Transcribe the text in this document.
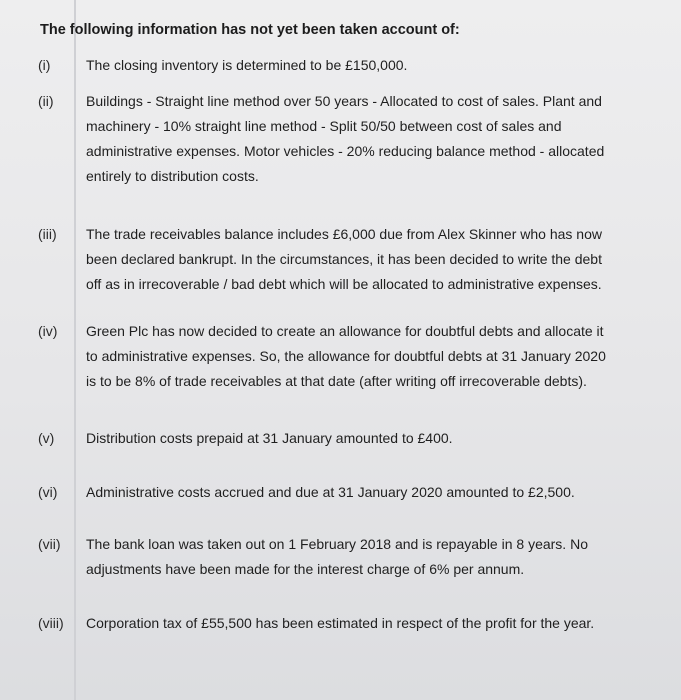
The following information has not yet been taken account of:
(i)	The closing inventory is determined to be £150,000.
(ii)	Buildings - Straight line method over 50 years - Allocated to cost of sales. Plant and
machinery - 10% straight line method - Split 50/50 between cost of sales and
administrative expenses. Motor vehicles - 20% reducing balance method - allocated
entirely to distribution costs.
(iii)	The trade receivables balance includes £6,000 due from Alex Skinner who has now
been declared bankrupt. In the circumstances, it has been decided to write the debt
off as in irrecoverable / bad debt which will be allocated to administrative expenses.
(iv)	Green Plc has now decided to create an allowance for doubtful debts and allocate it
to administrative expenses. So, the allowance for doubtful debts at 31 January 2020
is to be 8% of trade receivables at that date (after writing off irrecoverable debts).
(v)	Distribution costs prepaid at 31 January amounted to £400.
(vi)	Administrative costs accrued and due at 31 January 2020 amounted to £2,500.
(vii)	The bank loan was taken out on 1 February 2018 and is repayable in 8 years. No
adjustments have been made for the interest charge of 6% per annum.
(viii)	Corporation tax of £55,500 has been estimated in respect of the profit for the year.
